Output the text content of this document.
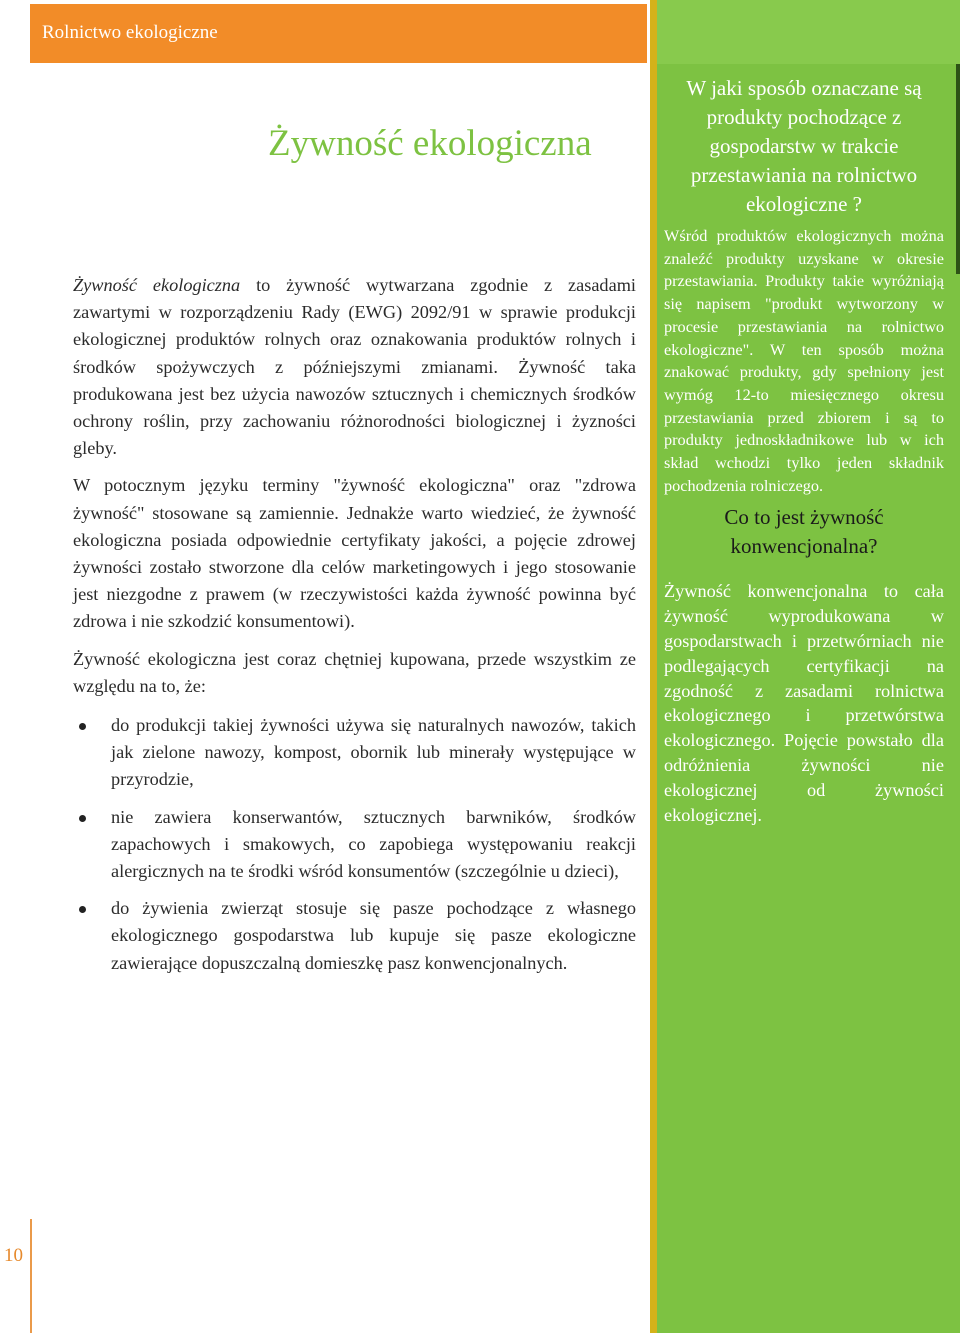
Rolnictwo ekologiczne
Żywność ekologiczna

Żywność ekologiczna to żywność wytwarzana zgodnie z zasadami zawartymi w rozporządzeniu Rady (EWG) 2092/91 w sprawie produkcji ekologicznej produktów rolnych oraz oznakowania produktów rolnych i środków spożywczych z późniejszymi zmianami. Żywność taka produkowana jest bez użycia nawozów sztucznych i chemicznych środków ochrony roślin, przy zachowaniu różnorodności biologicznej i żyzności gleby.

W potocznym języku terminy "żywność ekologiczna" oraz "zdrowa żywność" stosowane są zamiennie. Jednakże warto wiedzieć, że żywność ekologiczna posiada odpowiednie certyfikaty jakości, a pojęcie zdrowej żywności zostało stworzone dla celów marketingowych i jego stosowanie jest niezgodne z prawem (w rzeczywistości każda żywność powinna być zdrowa i nie szkodzić konsumentowi).

Żywność ekologiczna jest coraz chętniej kupowana, przede wszystkim ze względu na to, że:

do produkcji takiej żywności używa się naturalnych nawozów, takich jak zielone nawozy, kompost, obornik lub minerały występujące w przyrodzie,
nie zawiera konserwantów, sztucznych barwników, środków zapachowych i smakowych, co zapobiega występowaniu reakcji alergicznych na te środki wśród konsumentów (szczególnie u dzieci),
do żywienia zwierząt stosuje się pasze pochodzące z własnego ekologicznego gospodarstwa lub kupuje się pasze ekologiczne zawierające dopuszczalną domieszkę pasz konwencjonalnych.
W jaki sposób oznaczane są produkty pochodzące z gospodarstw w trakcie przestawiania na rolnictwo ekologiczne ?

Wśród produktów ekologicznych można znaleźć produkty uzyskane w okresie przestawiania. Produkty takie wyróżniają się napisem "produkt wytworzony w procesie przestawiania na rolnictwo ekologiczne". W ten sposób można znakować produkty, gdy spełniony jest wymóg 12-to miesięcznego okresu przestawiania przed zbiorem i są to produkty jednoskładnikowe lub w ich skład wchodzi tylko jeden składnik pochodzenia rolniczego.

Co to jest żywność konwencjonalna?

Żywność konwencjonalna to cała żywność wyprodukowana w gospodarstwach i przetwórniach nie podlegających certyfikacji na zgodność z zasadami rolnictwa ekologicznego i przetwórstwa ekologicznego. Pojęcie powstało dla odróżnienia żywności nie ekologicznej od żywności ekologicznej.

10
